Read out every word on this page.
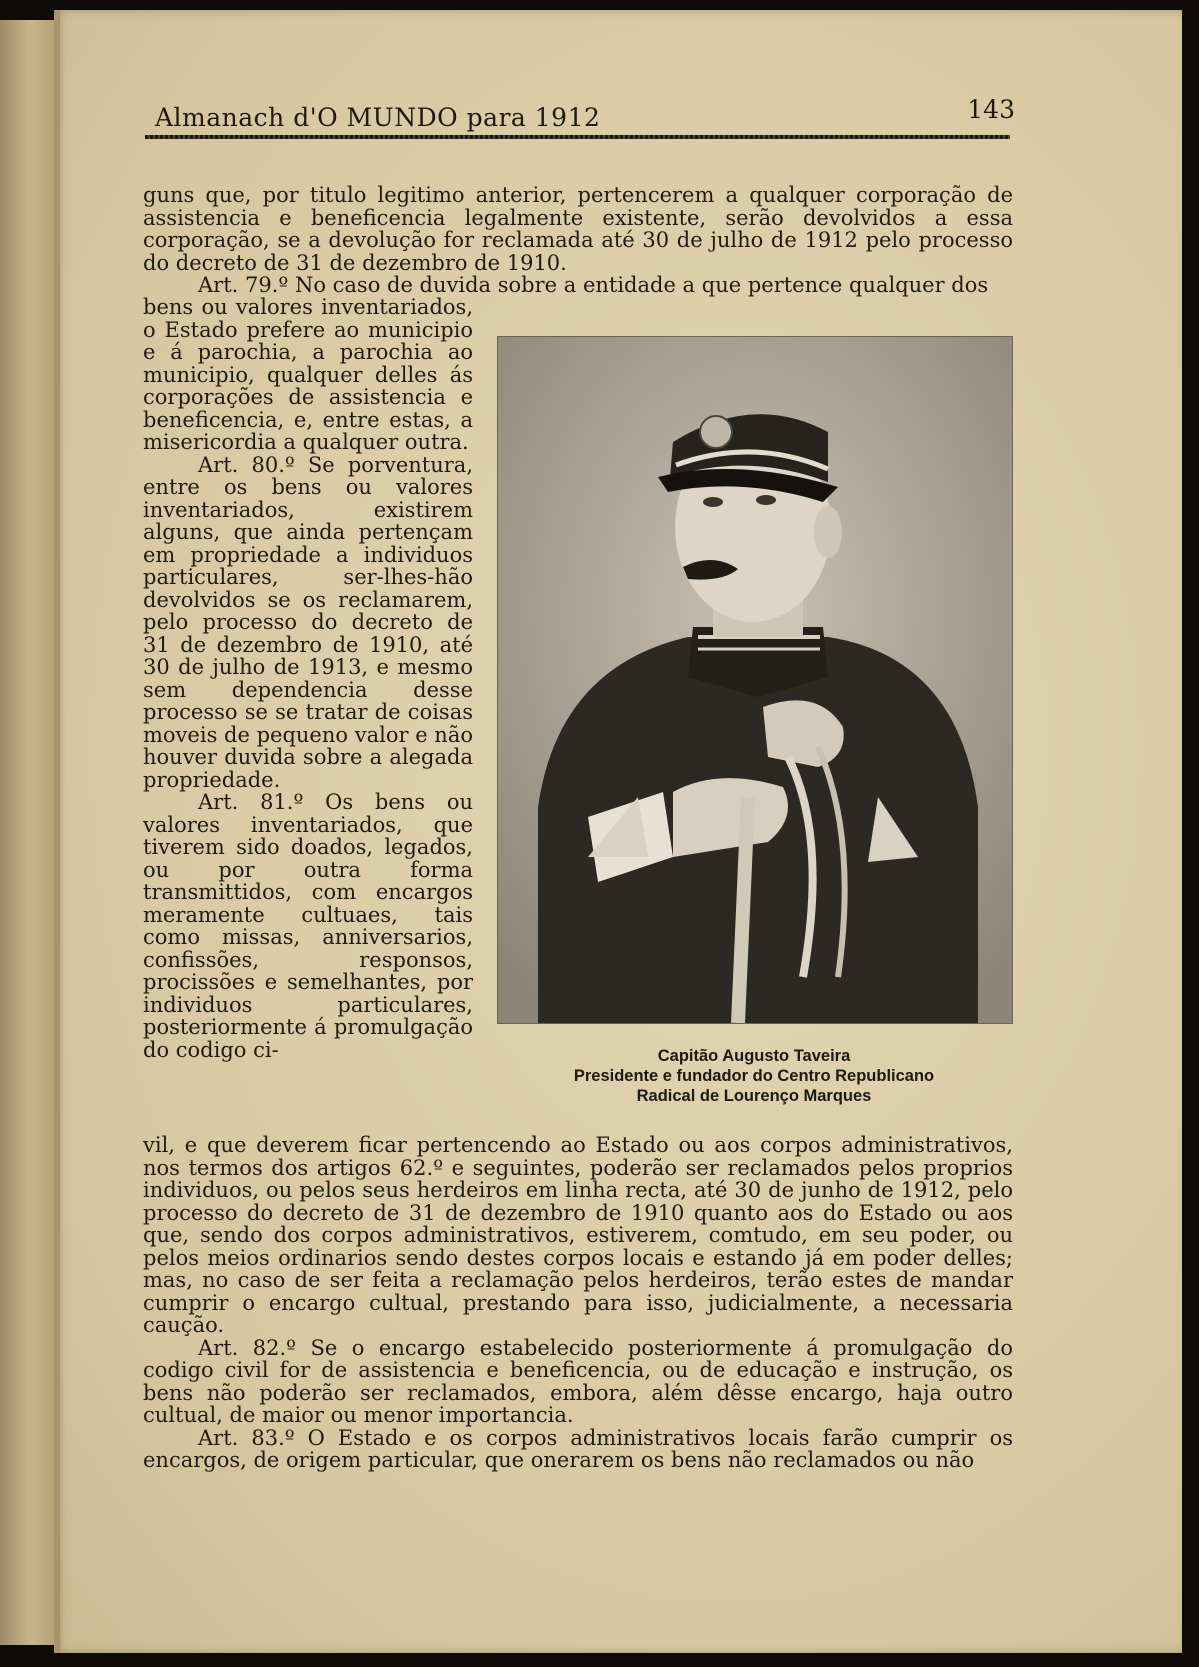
Almanach d'O MUNDO para 1912	143

guns que, por titulo legitimo anterior, pertencerem a qualquer corporação de assistencia e beneficencia legalmente existente, serão devolvidos a essa corporação, se a devolução for reclamada até 30 de julho de 1912 pelo processo do decreto de 31 de dezembro de 1910.

Art. 79.º No caso de duvida sobre a entidade a que pertence qualquer dos

bens ou valores inventariados, o Estado prefere ao municipio e á parochia, a parochia ao municipio, qualquer delles ás corporações de assistencia e beneficencia, e, entre estas, a misericordia a qualquer outra.

Art. 80.º Se porventura, entre os bens ou valores inventariados, existirem alguns, que ainda pertençam em propriedade a individuos particulares, ser-lhes-hão devolvidos se os reclamarem, pelo processo do decreto de 31 de dezembro de 1910, até 30 de julho de 1913, e mesmo sem dependencia desse processo se se tratar de coisas moveis de pequeno valor e não houver duvida sobre a alegada propriedade.

Art. 81.º Os bens ou valores inventariados, que tiverem sido doados, legados, ou por outra forma transmittidos, com encargos meramente cultuaes, tais como missas, anniversarios, confissões, responsos, procissões e semelhantes, por individuos particulares, posteriormente á promulgação do codigo ci-	Capitão Augusto Taveira
Presidente e fundador do Centro Republicano
Radical de Lourenço Marques

vil, e que deverem ficar pertencendo ao Estado ou aos corpos administrativos, nos termos dos artigos 62.º e seguintes, poderão ser reclamados pelos proprios individuos, ou pelos seus herdeiros em linha recta, até 30 de junho de 1912, pelo processo do decreto de 31 de dezembro de 1910 quanto aos do Estado ou aos que, sendo dos corpos administrativos, estiverem, comtudo, em seu poder, ou pelos meios ordinarios sendo destes corpos locais e estando já em poder delles; mas, no caso de ser feita a reclamação pelos herdeiros, terão estes de mandar cumprir o encargo cultual, prestando para isso, judicialmente, a necessaria caução.

Art. 82.º Se o encargo estabelecido posteriormente á promulgação do codigo civil for de assistencia e beneficencia, ou de educação e instrução, os bens não poderão ser reclamados, embora, além dêsse encargo, haja outro cultual, de maior ou menor importancia.

Art. 83.º O Estado e os corpos administrativos locais farão cumprir os encargos, de origem particular, que onerarem os bens não reclamados ou não
